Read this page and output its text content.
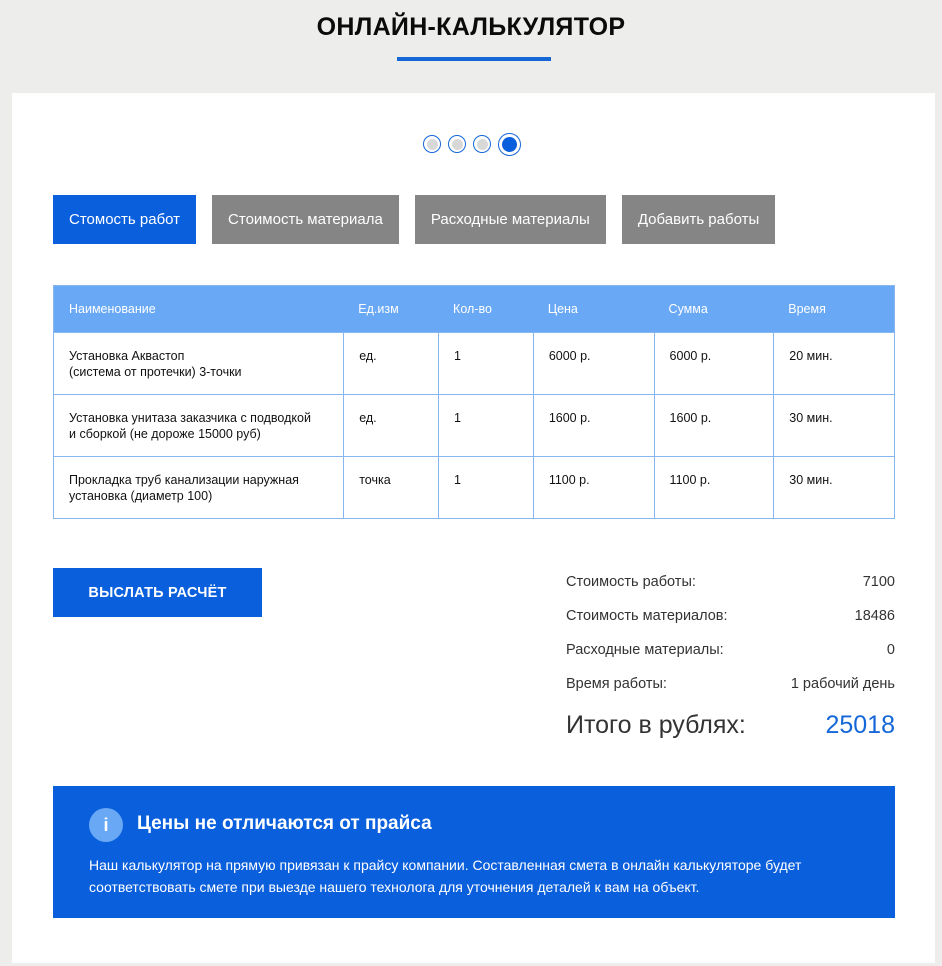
ОНЛАЙН-КАЛЬКУЛЯТОР
Стомость работ	Стоимость материала	Расходные материалы	Добавить работы
Наименование	Ед.изм	Кол-во	Цена	Сумма	Время
Установка Аквастоп
(система от протечки) 3-точки
ед.	1	6000 р.	6000 р.	20 мин.
Установка унитаза заказчика с подводкой
и сборкой (не дороже 15000 руб)
ед.	1	1600 р.	1600 р.	30 мин.
Прокладка труб канализации наружная
установка (диаметр 100)
точка	1	1100 р.	1100 р.	30 мин.
ВЫСЛАТЬ РАСЧЁТ
Стоимость работы:	7100
Стоимость материалов:	18486
Расходные материалы:	0
Время работы:	1 рабочий день
Итого в рублях:	25018
i	Цены не отличаются от прайса

Наш калькулятор на прямую привязан к прайсу компании. Составленная смета в онлайн калькуляторе будет соответствовать смете при выезде нашего технолога для уточнения деталей к вам на объект.
